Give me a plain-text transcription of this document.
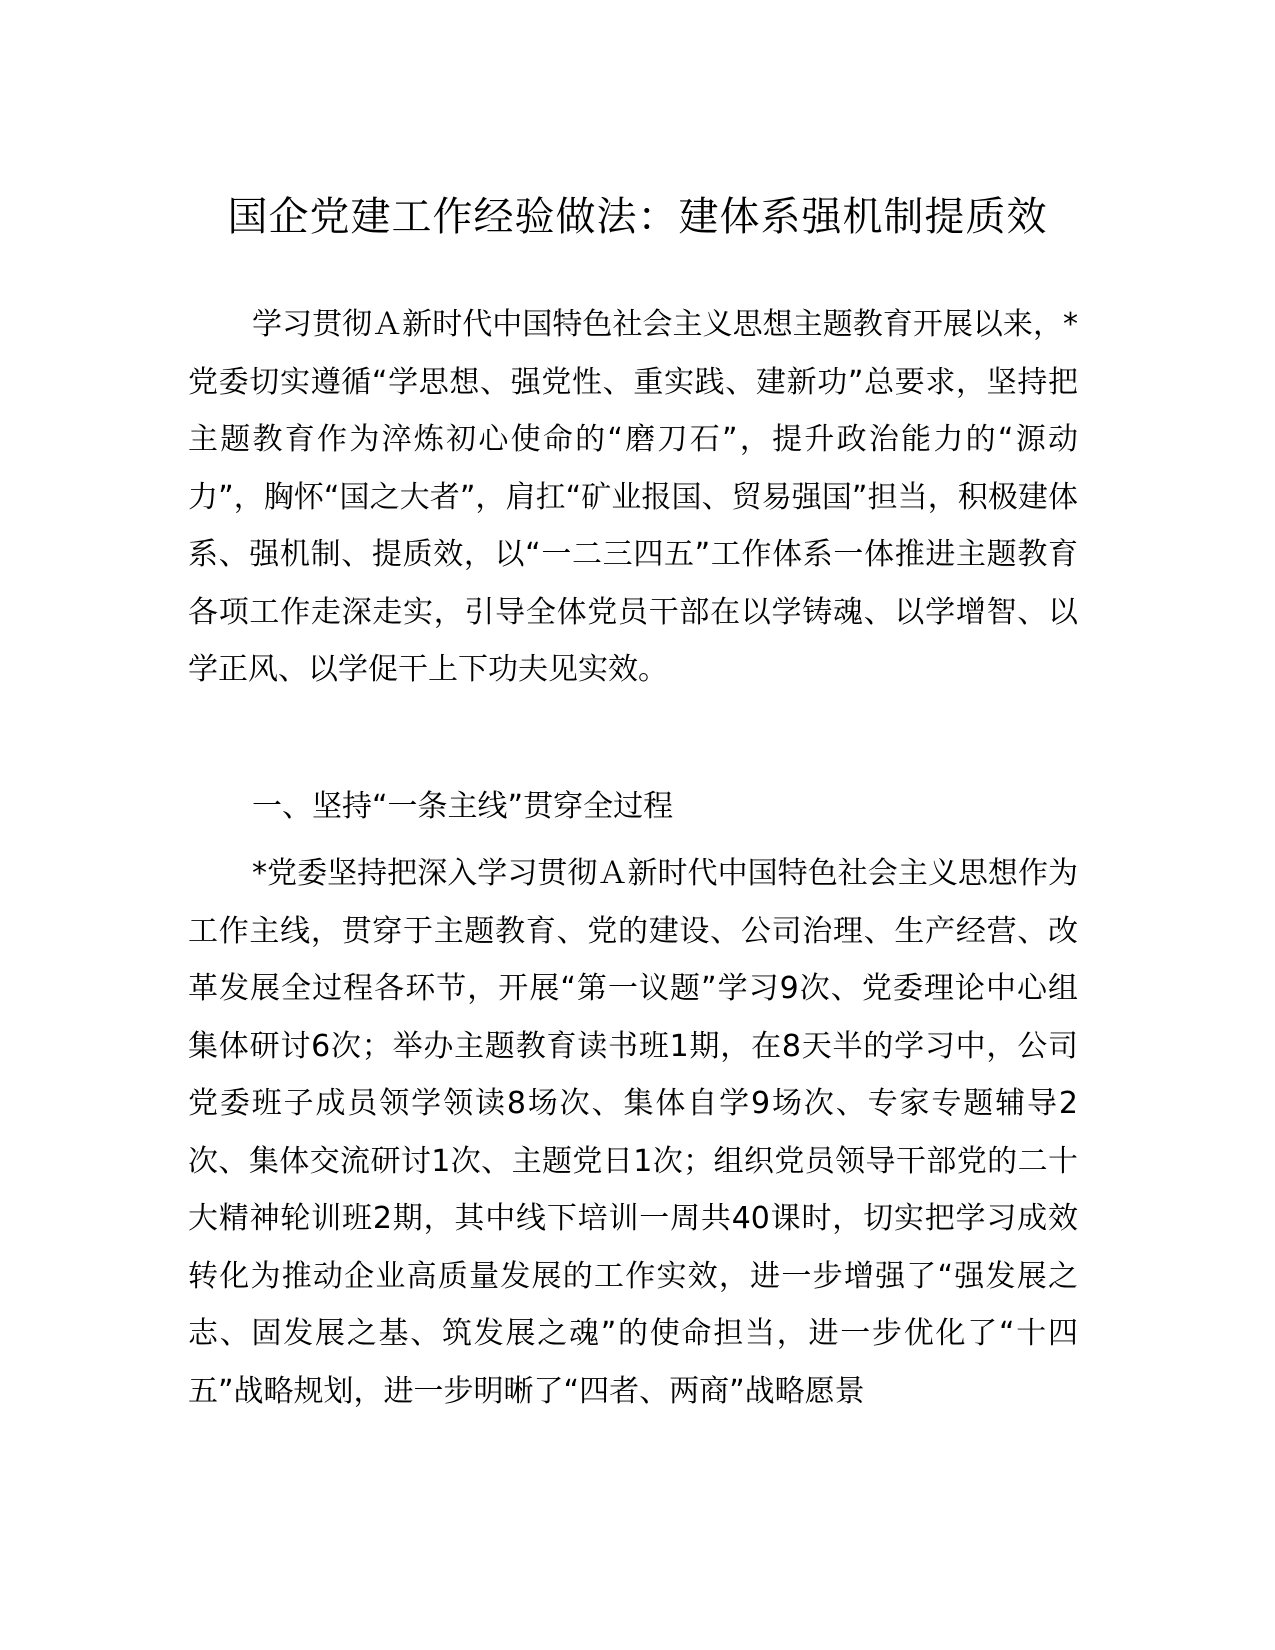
国企党建工作经验做法：建体系强机制提质效

学习贯彻Ａ新时代中国特色社会主义思想主题教育开展以来，*党委切实遵循“学思想、强党性、重实践、建新功”总要求，坚持把主题教育作为淬炼初心使命的“磨刀石”，提升政治能力的“源动力”，胸怀“国之大者”，肩扛“矿业报国、贸易强国”担当，积极建体系、强机制、提质效，以“一二三四五”工作体系一体推进主题教育各项工作走深走实，引导全体党员干部在以学铸魂、以学增智、以学正风、以学促干上下功夫见实效。

一、坚持“一条主线”贯穿全过程

*党委坚持把深入学习贯彻Ａ新时代中国特色社会主义思想作为工作主线，贯穿于主题教育、党的建设、公司治理、生产经营、改革发展全过程各环节，开展“第一议题”学习9次、党委理论中心组集体研讨6次；举办主题教育读书班1期，在8天半的学习中，公司党委班子成员领学领读8场次、集体自学9场次、专家专题辅导2次、集体交流研讨1次、主题党日1次；组织党员领导干部党的二十大精神轮训班2期，其中线下培训一周共40课时，切实把学习成效转化为推动企业高质量发展的工作实效，进一步增强了“强发展之志、固发展之基、筑发展之魂”的使命担当，进一步优化了“十四五”战略规划，进一步明晰了“四者、两商”战略愿景
